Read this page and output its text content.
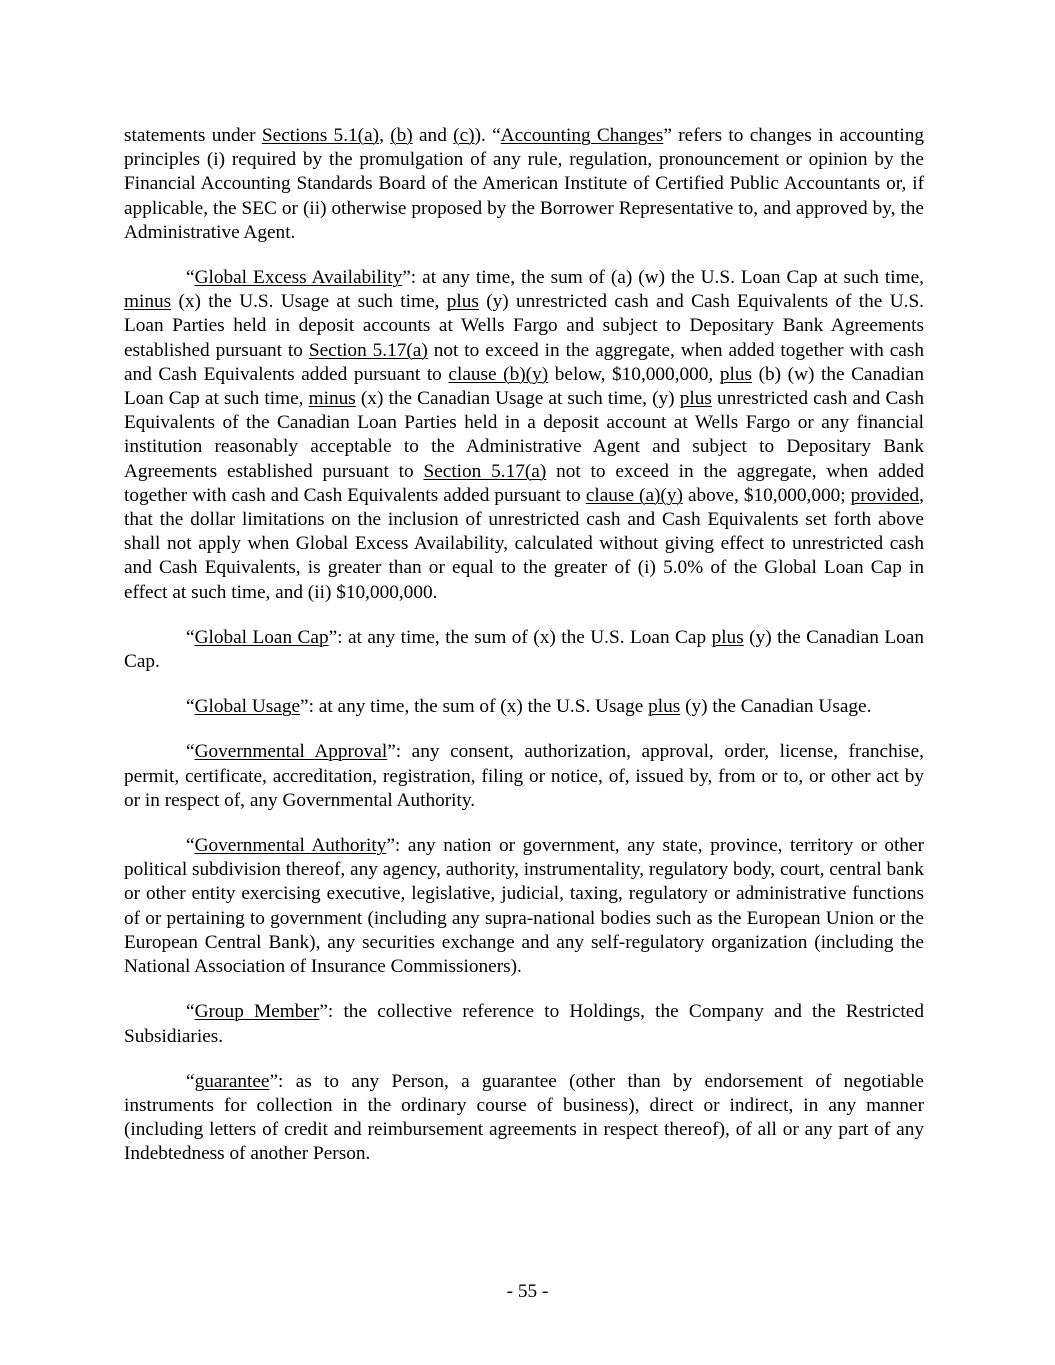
statements under Sections 5.1(a), (b) and (c)). “Accounting Changes” refers to changes in accounting principles (i) required by the promulgation of any rule, regulation, pronouncement or opinion by the Financial Accounting Standards Board of the American Institute of Certified Public Accountants or, if applicable, the SEC or (ii) otherwise proposed by the Borrower Representative to, and approved by, the Administrative Agent.

“Global Excess Availability”: at any time, the sum of (a) (w) the U.S. Loan Cap at such time, minus (x) the U.S. Usage at such time, plus (y) unrestricted cash and Cash Equivalents of the U.S. Loan Parties held in deposit accounts at Wells Fargo and subject to Depositary Bank Agreements established pursuant to Section 5.17(a) not to exceed in the aggregate, when added together with cash and Cash Equivalents added pursuant to clause (b)(y) below, $10,000,000, plus (b) (w) the Canadian Loan Cap at such time, minus (x) the Canadian Usage at such time, (y) plus unrestricted cash and Cash Equivalents of the Canadian Loan Parties held in a deposit account at Wells Fargo or any financial institution reasonably acceptable to the Administrative Agent and subject to Depositary Bank Agreements established pursuant to Section 5.17(a) not to exceed in the aggregate, when added together with cash and Cash Equivalents added pursuant to clause (a)(y) above, $10,000,000; provided, that the dollar limitations on the inclusion of unrestricted cash and Cash Equivalents set forth above shall not apply when Global Excess Availability, calculated without giving effect to unrestricted cash and Cash Equivalents, is greater than or equal to the greater of (i) 5.0% of the Global Loan Cap in effect at such time, and (ii) $10,000,000.

“Global Loan Cap”: at any time, the sum of (x) the U.S. Loan Cap plus (y) the Canadian Loan Cap.

“Global Usage”: at any time, the sum of (x) the U.S. Usage plus (y) the Canadian Usage.

“Governmental Approval”: any consent, authorization, approval, order, license, franchise, permit, certificate, accreditation, registration, filing or notice, of, issued by, from or to, or other act by or in respect of, any Governmental Authority.

“Governmental Authority”: any nation or government, any state, province, territory or other political subdivision thereof, any agency, authority, instrumentality, regulatory body, court, central bank or other entity exercising executive, legislative, judicial, taxing, regulatory or administrative functions of or pertaining to government (including any supra-national bodies such as the European Union or the European Central Bank), any securities exchange and any self-regulatory organization (including the National Association of Insurance Commissioners).

“Group Member”: the collective reference to Holdings, the Company and the Restricted Subsidiaries.

“guarantee”: as to any Person, a guarantee (other than by endorsement of negotiable instruments for collection in the ordinary course of business), direct or indirect, in any manner (including letters of credit and reimbursement agreements in respect thereof), of all or any part of any Indebtedness of another Person.

- 55 -
